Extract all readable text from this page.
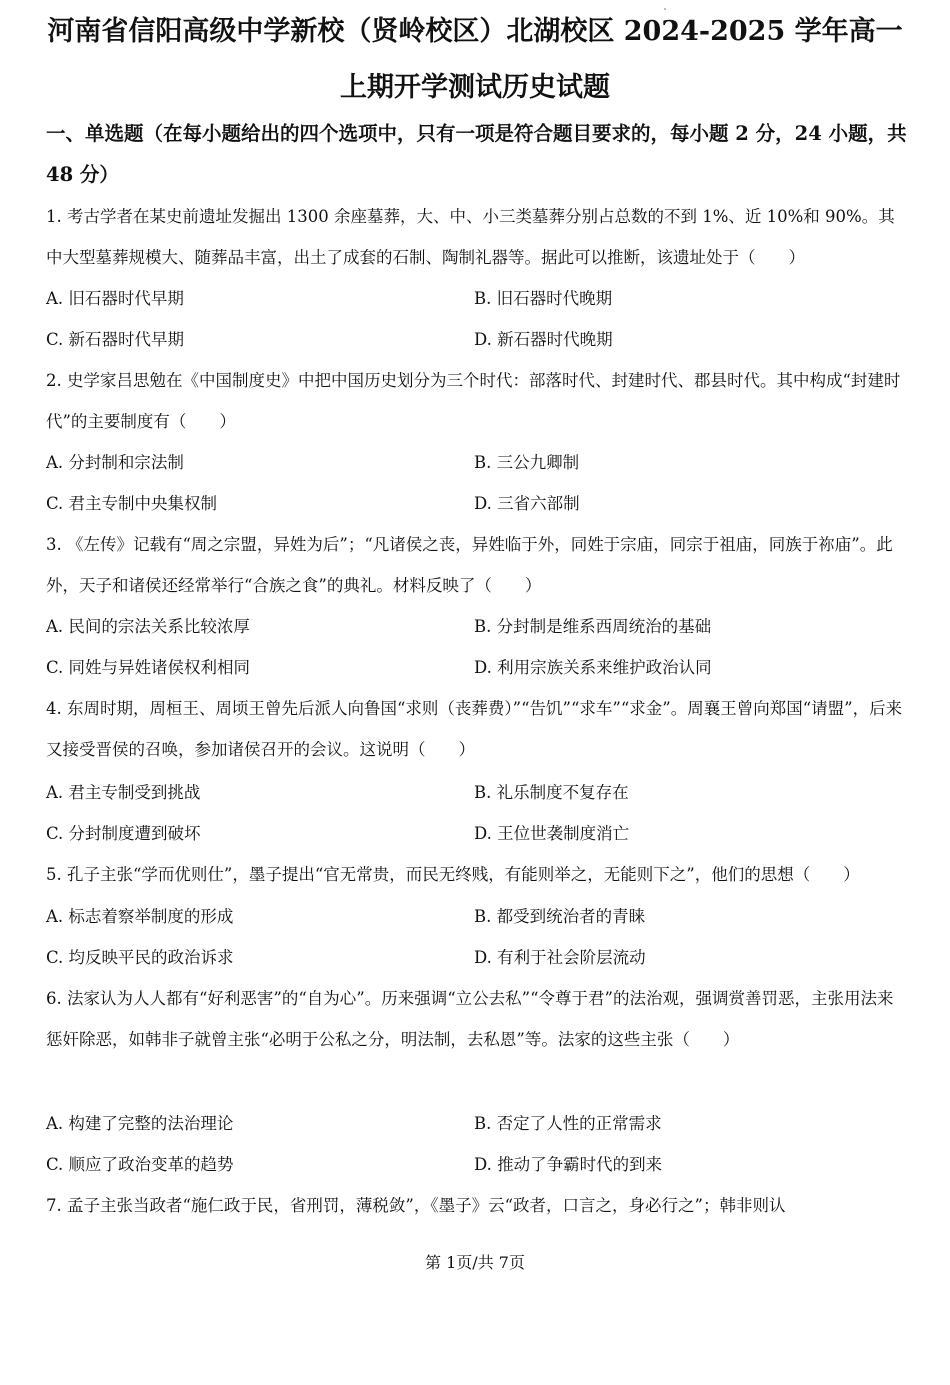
河南省信阳高级中学新校（贤岭校区）北湖校区 2024-2025 学年高一
上期开学测试历史试题
一、单选题（在每小题给出的四个选项中，只有一项是符合题目要求的，每小题 2 分，24 小题，共 48 分）
1. 考古学者在某史前遗址发掘出 1300 余座墓葬，大、中、小三类墓葬分别占总数的不到 1%、近 10%和 90%。其中大型墓葬规模大、随葬品丰富，出土了成套的石制、陶制礼器等。据此可以推断，该遗址处于（　　）
A. 旧石器时代早期	B. 旧石器时代晚期
C. 新石器时代早期	D. 新石器时代晚期
2. 史学家吕思勉在《中国制度史》中把中国历史划分为三个时代：部落时代、封建时代、郡县时代。其中构成“封建时代”的主要制度有（　　）
A. 分封制和宗法制	B. 三公九卿制
C. 君主专制中央集权制	D. 三省六部制
3. 《左传》记载有“周之宗盟，异姓为后”；“凡诸侯之丧，异姓临于外，同姓于宗庙，同宗于祖庙，同族于祢庙”。此外，天子和诸侯还经常举行“合族之食”的典礼。材料反映了（　　）
A. 民间的宗法关系比较浓厚	B. 分封制是维系西周统治的基础
C. 同姓与异姓诸侯权利相同	D. 利用宗族关系来维护政治认同
4. 东周时期，周桓王、周顷王曾先后派人向鲁国“求则（丧葬费）”“告饥”“求车”“求金”。周襄王曾向郑国“请盟”，后来又接受晋侯的召唤，参加诸侯召开的会议。这说明（　　）
A. 君主专制受到挑战	B. 礼乐制度不复存在
C. 分封制度遭到破坏	D. 王位世袭制度消亡
5. 孔子主张“学而优则仕”，墨子提出“官无常贵，而民无终贱，有能则举之，无能则下之”，他们的思想（　　）
A. 标志着察举制度的形成	B. 都受到统治者的青睐
C. 均反映平民的政治诉求	D. 有利于社会阶层流动
6. 法家认为人人都有“好利恶害”的“自为心”。历来强调“立公去私”“令尊于君”的法治观，强调赏善罚恶，主张用法来惩奸除恶，如韩非子就曾主张“必明于公私之分，明法制，去私恩”等。法家的这些主张（　　）
A. 构建了完整的法治理论	B. 否定了人性的正常需求
C. 顺应了政治变革的趋势	D. 推动了争霸时代的到来
7. 孟子主张当政者“施仁政于民，省刑罚，薄税敛”，《墨子》云“政者，口言之，身必行之”；韩非则认
第 1页/共 7页
